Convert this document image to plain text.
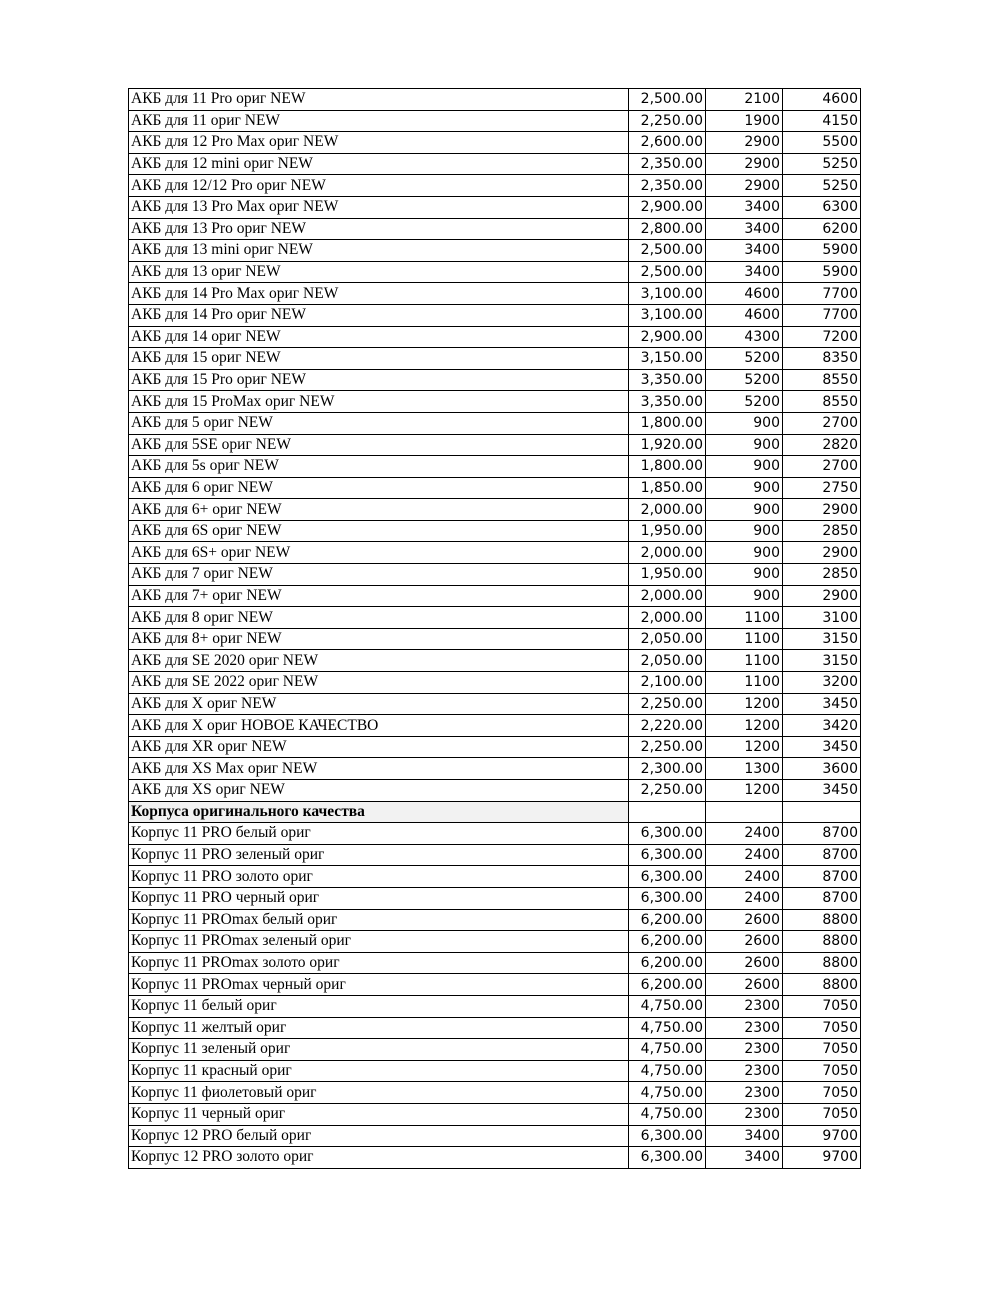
АКБ для 11 Pro ориг NEW	2,500.00	2100	4600
АКБ для 11 ориг NEW	2,250.00	1900	4150
АКБ для 12 Pro Max ориг NEW	2,600.00	2900	5500
АКБ для 12 mini ориг NEW	2,350.00	2900	5250
АКБ для 12/12 Pro ориг NEW	2,350.00	2900	5250
АКБ для 13 Pro Max ориг NEW	2,900.00	3400	6300
АКБ для 13 Pro ориг NEW	2,800.00	3400	6200
АКБ для 13 mini ориг NEW	2,500.00	3400	5900
АКБ для 13 ориг NEW	2,500.00	3400	5900
АКБ для 14 Pro Max ориг NEW	3,100.00	4600	7700
АКБ для 14 Pro ориг NEW	3,100.00	4600	7700
АКБ для 14 ориг NEW	2,900.00	4300	7200
АКБ для 15 ориг NEW	3,150.00	5200	8350
АКБ для 15 Pro ориг NEW	3,350.00	5200	8550
АКБ для 15 ProMax ориг NEW	3,350.00	5200	8550
АКБ для 5 ориг NEW	1,800.00	900	2700
АКБ для 5SE ориг NEW	1,920.00	900	2820
АКБ для 5s ориг NEW	1,800.00	900	2700
АКБ для 6 ориг NEW	1,850.00	900	2750
АКБ для 6+ ориг NEW	2,000.00	900	2900
АКБ для 6S ориг NEW	1,950.00	900	2850
АКБ для 6S+ ориг NEW	2,000.00	900	2900
АКБ для 7 ориг NEW	1,950.00	900	2850
АКБ для 7+ ориг NEW	2,000.00	900	2900
АКБ для 8 ориг NEW	2,000.00	1100	3100
АКБ для 8+ ориг NEW	2,050.00	1100	3150
АКБ для SE 2020 ориг NEW	2,050.00	1100	3150
АКБ для SE 2022 ориг NEW	2,100.00	1100	3200
АКБ для X ориг NEW	2,250.00	1200	3450
АКБ для X ориг НОВОЕ КАЧЕСТВО	2,220.00	1200	3420
АКБ для XR ориг NEW	2,250.00	1200	3450
АКБ для XS Max ориг NEW	2,300.00	1300	3600
АКБ для XS ориг NEW	2,250.00	1200	3450
Корпуса оригинального качества			
Корпус 11 PRO белый ориг	6,300.00	2400	8700
Корпус 11 PRO зеленый ориг	6,300.00	2400	8700
Корпус 11 PRO золото ориг	6,300.00	2400	8700
Корпус 11 PRO черный ориг	6,300.00	2400	8700
Корпус 11 PROmax белый ориг	6,200.00	2600	8800
Корпус 11 PROmax зеленый ориг	6,200.00	2600	8800
Корпус 11 PROmax золото ориг	6,200.00	2600	8800
Корпус 11 PROmax черный ориг	6,200.00	2600	8800
Корпус 11 белый ориг	4,750.00	2300	7050
Корпус 11 желтый ориг	4,750.00	2300	7050
Корпус 11 зеленый ориг	4,750.00	2300	7050
Корпус 11 красный ориг	4,750.00	2300	7050
Корпус 11 фиолетовый ориг	4,750.00	2300	7050
Корпус 11 черный ориг	4,750.00	2300	7050
Корпус 12 PRO белый ориг	6,300.00	3400	9700
Корпус 12 PRO золото ориг	6,300.00	3400	9700
